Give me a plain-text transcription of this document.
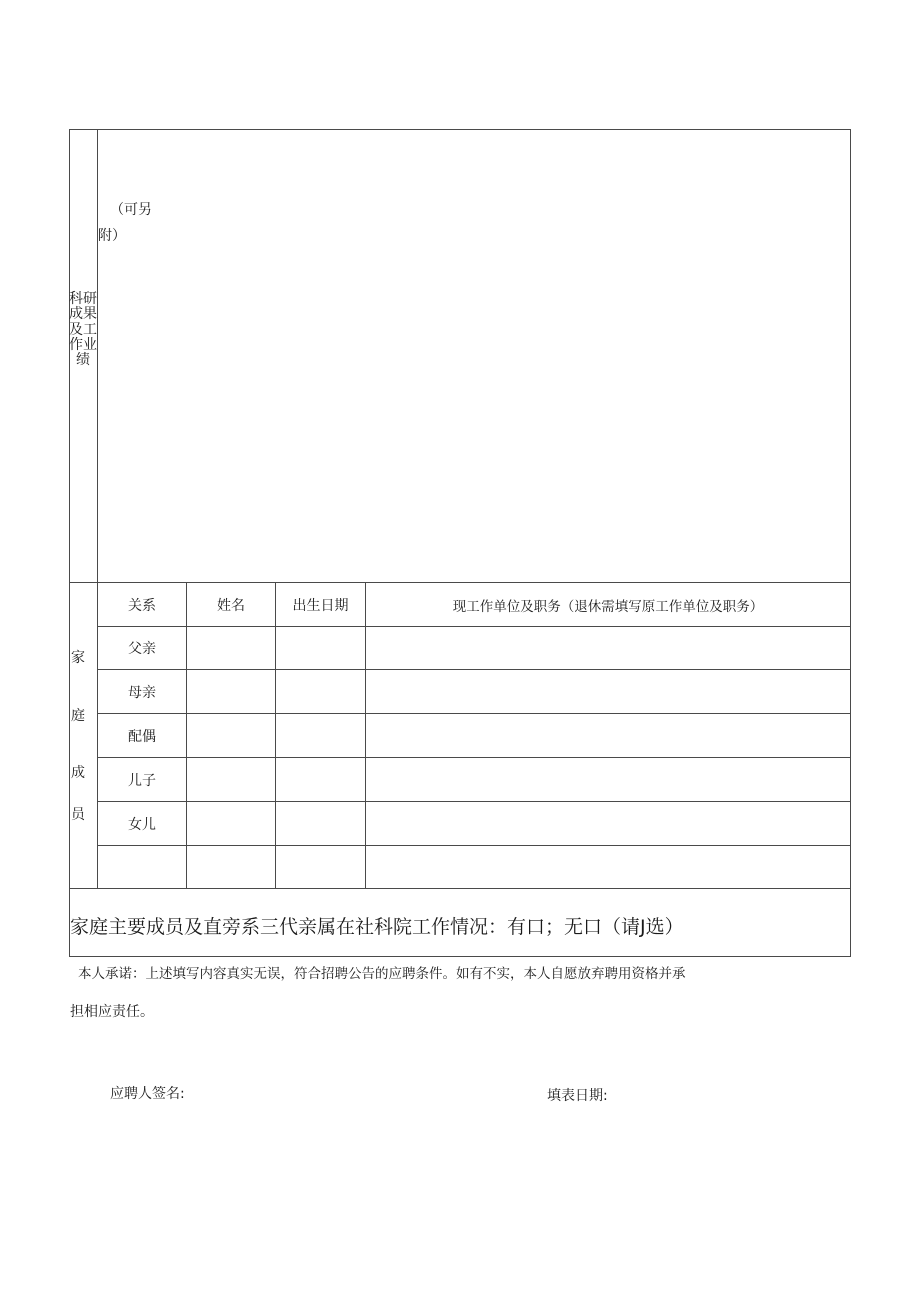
科研成果及工作业绩
（可另
附）
家
庭
成
员
关系	姓名	出生日期	现工作单位及职务（退休需填写原工作单位及职务）
父亲
母亲
配偶
儿子
女儿
家庭主要成员及直旁系三代亲属在社科院工作情况：有口；无口（请J选）
本人承诺：上述填写内容真实无误，符合招聘公告的应聘条件。如有不实，本人自愿放弃聘用资格并承
担相应责任。
应聘人签名:	填表日期:
